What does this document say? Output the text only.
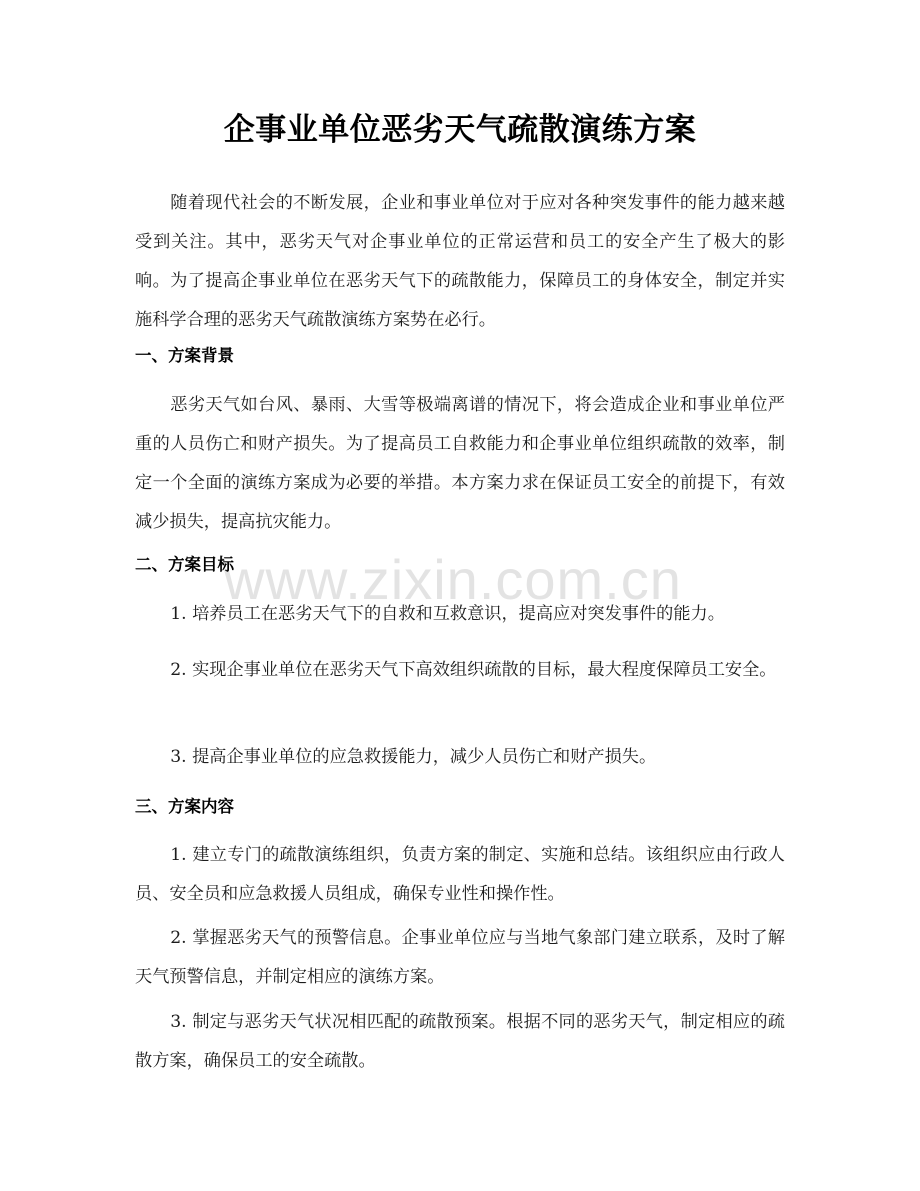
www.zixin.com.cn
企事业单位恶劣天气疏散演练方案

随着现代社会的不断发展，企业和事业单位对于应对各种突发事件的能力越来越受到关注。其中，恶劣天气对企事业单位的正常运营和员工的安全产生了极大的影响。为了提高企事业单位在恶劣天气下的疏散能力，保障员工的身体安全，制定并实施科学合理的恶劣天气疏散演练方案势在必行。

一、方案背景

恶劣天气如台风、暴雨、大雪等极端离谱的情况下，将会造成企业和事业单位严重的人员伤亡和财产损失。为了提高员工自救能力和企事业单位组织疏散的效率，制定一个全面的演练方案成为必要的举措。本方案力求在保证员工安全的前提下，有效减少损失，提高抗灾能力。

二、方案目标

1. 培养员工在恶劣天气下的自救和互救意识，提高应对突发事件的能力。

2. 实现企事业单位在恶劣天气下高效组织疏散的目标，最大程度保障员工安全。

3. 提高企事业单位的应急救援能力，减少人员伤亡和财产损失。

三、方案内容

1. 建立专门的疏散演练组织，负责方案的制定、实施和总结。该组织应由行政人员、安全员和应急救援人员组成，确保专业性和操作性。

2. 掌握恶劣天气的预警信息。企事业单位应与当地气象部门建立联系，及时了解天气预警信息，并制定相应的演练方案。

3. 制定与恶劣天气状况相匹配的疏散预案。根据不同的恶劣天气，制定相应的疏散方案，确保员工的安全疏散。
